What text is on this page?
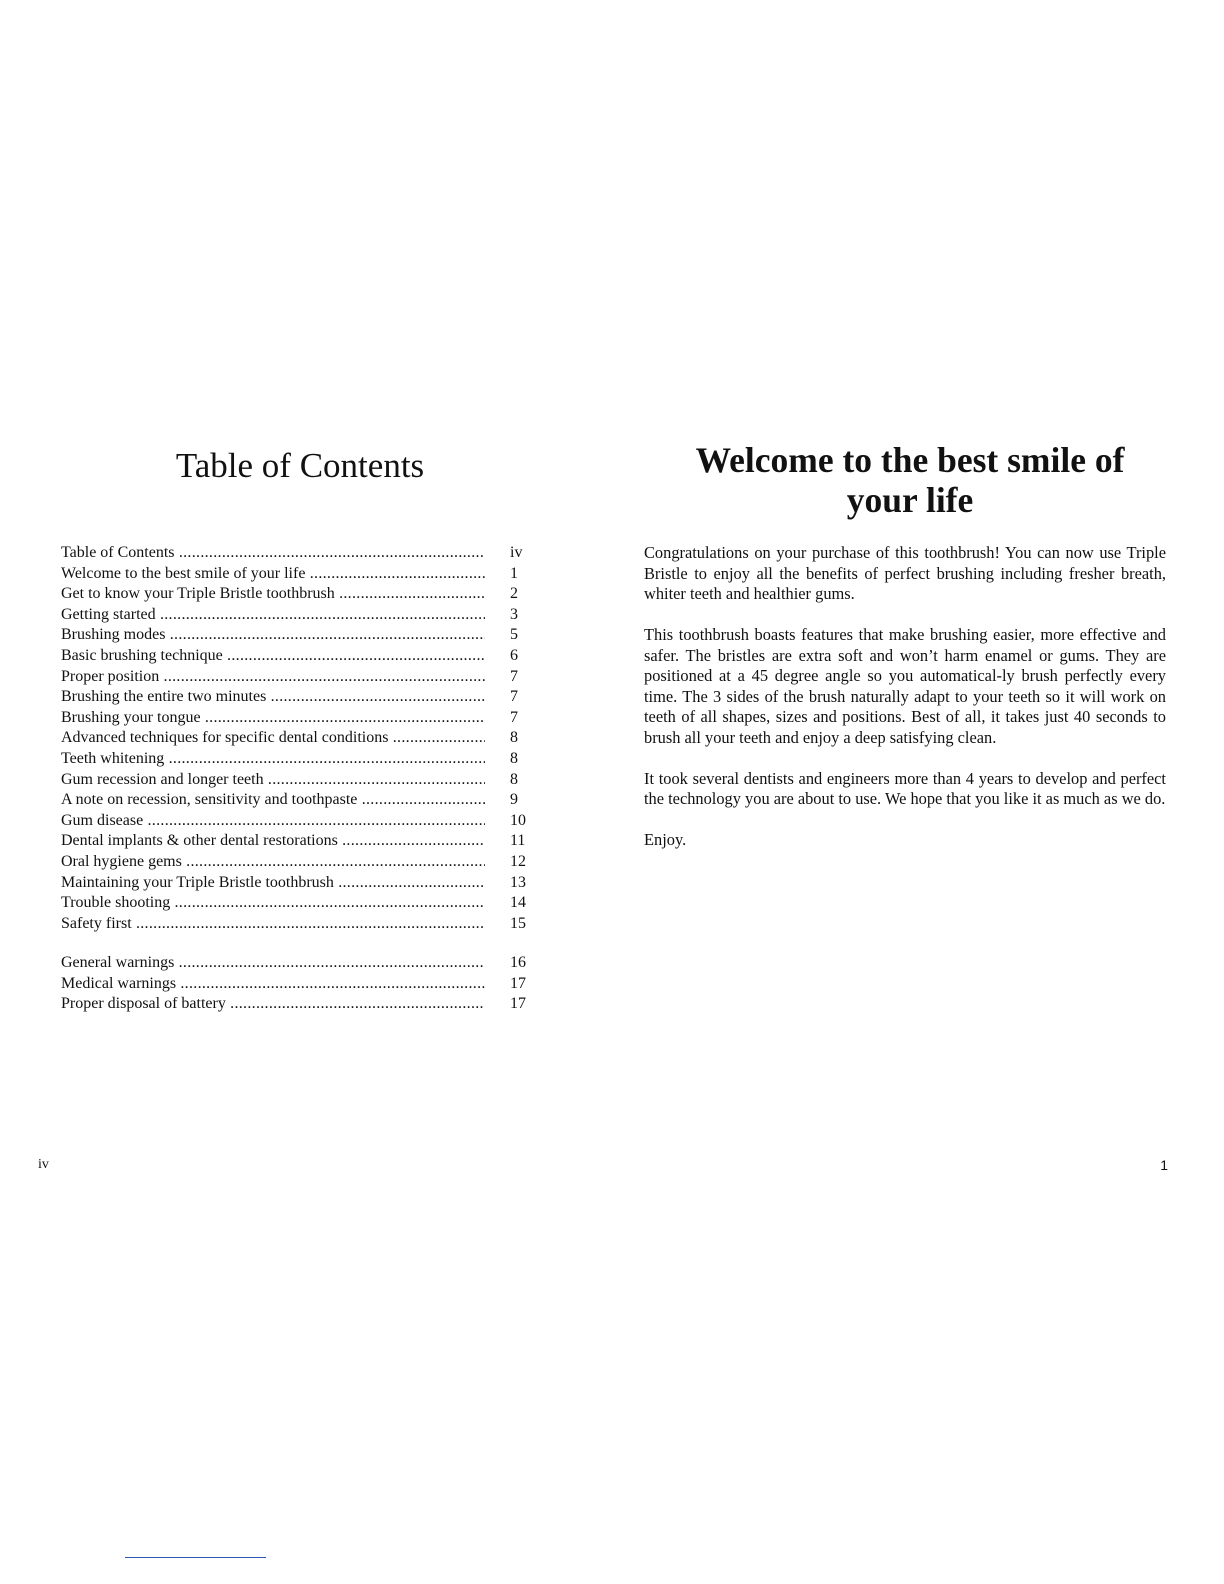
Table of Contents
Table of Contents .....	iv
Welcome to the best smile of your life .....	1
Get to know your Triple Bristle toothbrush .....	2
Getting started .....	3
Brushing modes .....	5
Basic brushing technique .....	6
Proper position .....	7
Brushing the entire two minutes .....	7
Brushing your tongue .....	7
Advanced techniques for specific dental conditions .....	8
Teeth whitening .....	8
Gum recession and longer teeth .....	8
A note on recession, sensitivity and toothpaste .....	9
Gum disease .....	10
Dental implants & other dental restorations .....	11
Oral hygiene gems .....	12
Maintaining your Triple Bristle toothbrush .....	13
Trouble shooting .....	14
Safety first .....	15
General warnings .....	16
Medical warnings .....	17
Proper disposal of battery .....	17
iv
Welcome to the best smile of
your life

Congratulations on your purchase of this toothbrush! You can now use Triple Bristle to enjoy all the benefits of perfect brushing including fresher breath, whiter teeth and healthier gums.

This toothbrush boasts features that make brushing easier, more effective and safer. The bristles are extra soft and won’t harm enamel or gums. They are positioned at a 45 degree angle so you automatical-ly brush perfectly every time. The 3 sides of the brush naturally adapt to your teeth so it will work on teeth of all shapes, sizes and positions. Best of all, it takes just 40 seconds to brush all your teeth and enjoy a deep satisfying clean.

It took several dentists and engineers more than 4 years to develop and perfect the technology you are about to use. We hope that you like it as much as we do.

Enjoy.

1
